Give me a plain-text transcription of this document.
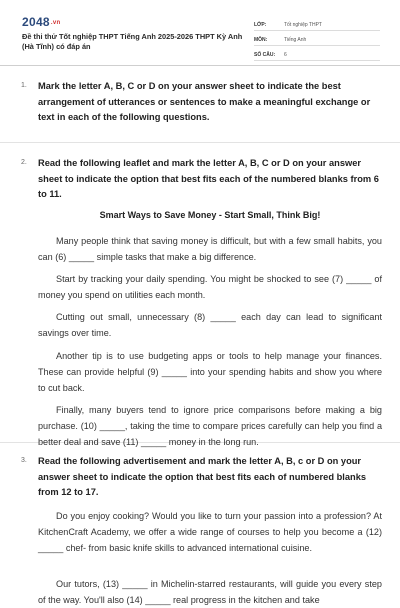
2048.vn
Đề thi thử Tốt nghiệp THPT Tiếng Anh 2025-2026 THPT Kỳ Anh (Hà Tĩnh) có đáp án
LỚP:	Tốt nghiệp THPT
MÔN:	Tiếng Anh
SỐ CÂU:	6
1. Mark the letter A, B, C or D on your answer sheet to indicate the best arrangement of utterances or sentences to make a meaningful exchange or text in each of the following questions.
2. Read the following leaflet and mark the letter A, B, C or D on your answer sheet to indicate the option that best fits each of the numbered blanks from 6 to 11.
Smart Ways to Save Money - Start Small, Think Big!
Many people think that saving money is difficult, but with a few small habits, you can (6) _____ simple tasks that make a big difference.
Start by tracking your daily spending. You might be shocked to see (7) _____ of money you spend on utilities each month.
Cutting out small, unnecessary (8) _____ each day can lead to significant savings over time.
Another tip is to use budgeting apps or tools to help manage your finances. These can provide helpful (9) _____ into your spending habits and show you where to cut back.
Finally, many buyers tend to ignore price comparisons before making a big purchase. (10) _____, taking the time to compare prices carefully can help you find a better deal and save (11) _____ money in the long run.
3. Read the following advertisement and mark the letter A, B, c or D on your answer sheet to indicate the option that best fits each of numbered blanks from 12 to 17.
Do you enjoy cooking? Would you like to turn your passion into a profession? At KitchenCraft Academy, we offer a wide range of courses to help you become a (12) _____ chef- from basic knife skills to advanced international cuisine.
Our tutors, (13) _____ in Michelin-starred restaurants, will guide you every step of the way. You'll also (14) _____ real progress in the kitchen and take
